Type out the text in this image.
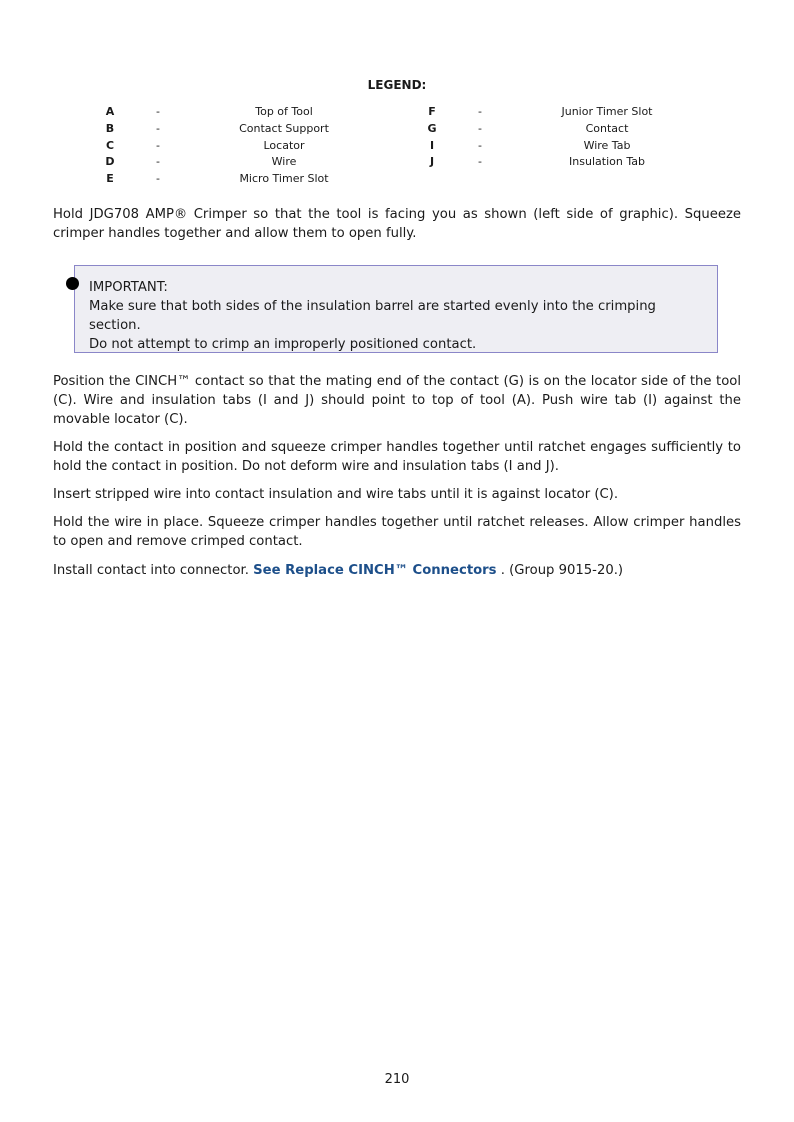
LEGEND:
A	-	Top of Tool	F	-	Junior Timer Slot
B	-	Contact Support	G	-	Contact
C	-	Locator	I	-	Wire Tab
D	-	Wire	J	-	Insulation Tab
E	-	Micro Timer Slot

Hold JDG708 AMP® Crimper so that the tool is facing you as shown (left side of graphic). Squeeze crimper handles together and allow them to open fully.

IMPORTANT:
Make sure that both sides of the insulation barrel are started evenly into the crimping section.
Do not attempt to crimp an improperly positioned contact.

Position the CINCH™ contact so that the mating end of the contact (G) is on the locator side of the tool (C). Wire and insulation tabs (I and J) should point to top of tool (A). Push wire tab (I) against the movable locator (C).

Hold the contact in position and squeeze crimper handles together until ratchet engages sufficiently to hold the contact in position. Do not deform wire and insulation tabs (I and J).

Insert stripped wire into contact insulation and wire tabs until it is against locator (C).

Hold the wire in place. Squeeze crimper handles together until ratchet releases. Allow crimper handles to open and remove crimped contact.

Install contact into connector. See Replace CINCH™ Connectors . (Group 9015-20.)

210
